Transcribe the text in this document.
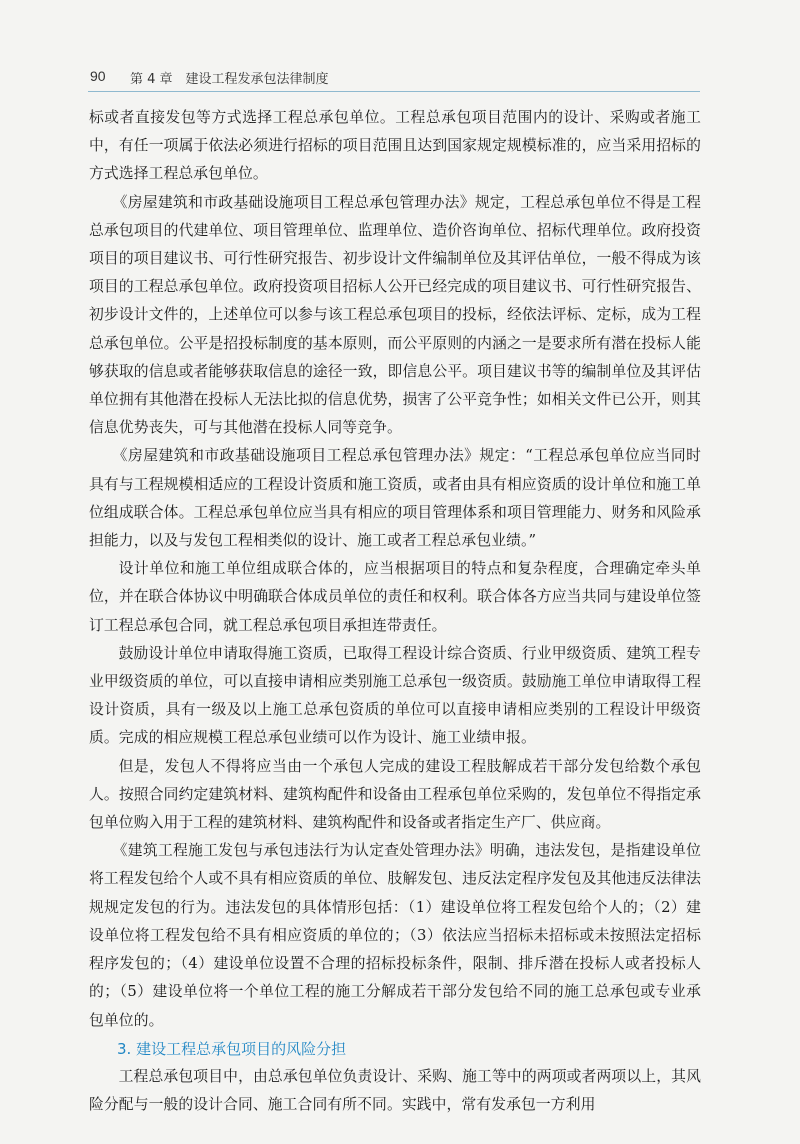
90 第 4 章　建设工程发承包法律制度

标或者直接发包等方式选择工程总承包单位。工程总承包项目范围内的设计、采购或者施工中，有任一项属于依法必须进行招标的项目范围且达到国家规定规模标准的，应当采用招标的方式选择工程总承包单位。

《房屋建筑和市政基础设施项目工程总承包管理办法》规定，工程总承包单位不得是工程总承包项目的代建单位、项目管理单位、监理单位、造价咨询单位、招标代理单位。政府投资项目的项目建议书、可行性研究报告、初步设计文件编制单位及其评估单位，一般不得成为该项目的工程总承包单位。政府投资项目招标人公开已经完成的项目建议书、可行性研究报告、初步设计文件的，上述单位可以参与该工程总承包项目的投标，经依法评标、定标，成为工程总承包单位。公平是招投标制度的基本原则，而公平原则的内涵之一是要求所有潜在投标人能够获取的信息或者能够获取信息的途径一致，即信息公平。项目建议书等的编制单位及其评估单位拥有其他潜在投标人无法比拟的信息优势，损害了公平竞争性；如相关文件已公开，则其信息优势丧失，可与其他潜在投标人同等竞争。

《房屋建筑和市政基础设施项目工程总承包管理办法》规定：“工程总承包单位应当同时具有与工程规模相适应的工程设计资质和施工资质，或者由具有相应资质的设计单位和施工单位组成联合体。工程总承包单位应当具有相应的项目管理体系和项目管理能力、财务和风险承担能力，以及与发包工程相类似的设计、施工或者工程总承包业绩。”

设计单位和施工单位组成联合体的，应当根据项目的特点和复杂程度，合理确定牵头单位，并在联合体协议中明确联合体成员单位的责任和权利。联合体各方应当共同与建设单位签订工程总承包合同，就工程总承包项目承担连带责任。

鼓励设计单位申请取得施工资质，已取得工程设计综合资质、行业甲级资质、建筑工程专业甲级资质的单位，可以直接申请相应类别施工总承包一级资质。鼓励施工单位申请取得工程设计资质，具有一级及以上施工总承包资质的单位可以直接申请相应类别的工程设计甲级资质。完成的相应规模工程总承包业绩可以作为设计、施工业绩申报。

但是，发包人不得将应当由一个承包人完成的建设工程肢解成若干部分发包给数个承包人。按照合同约定建筑材料、建筑构配件和设备由工程承包单位采购的，发包单位不得指定承包单位购入用于工程的建筑材料、建筑构配件和设备或者指定生产厂、供应商。

《建筑工程施工发包与承包违法行为认定查处管理办法》明确，违法发包，是指建设单位将工程发包给个人或不具有相应资质的单位、肢解发包、违反法定程序发包及其他违反法律法规规定发包的行为。违法发包的具体情形包括：（1）建设单位将工程发包给个人的；（2）建设单位将工程发包给不具有相应资质的单位的；（3）依法应当招标未招标或未按照法定招标程序发包的；（4）建设单位设置不合理的招标投标条件，限制、排斥潜在投标人或者投标人的；（5）建设单位将一个单位工程的施工分解成若干部分发包给不同的施工总承包或专业承包单位的。

3. 建设工程总承包项目的风险分担

工程总承包项目中，由总承包单位负责设计、采购、施工等中的两项或者两项以上，其风险分配与一般的设计合同、施工合同有所不同。实践中，常有发承包一方利用
